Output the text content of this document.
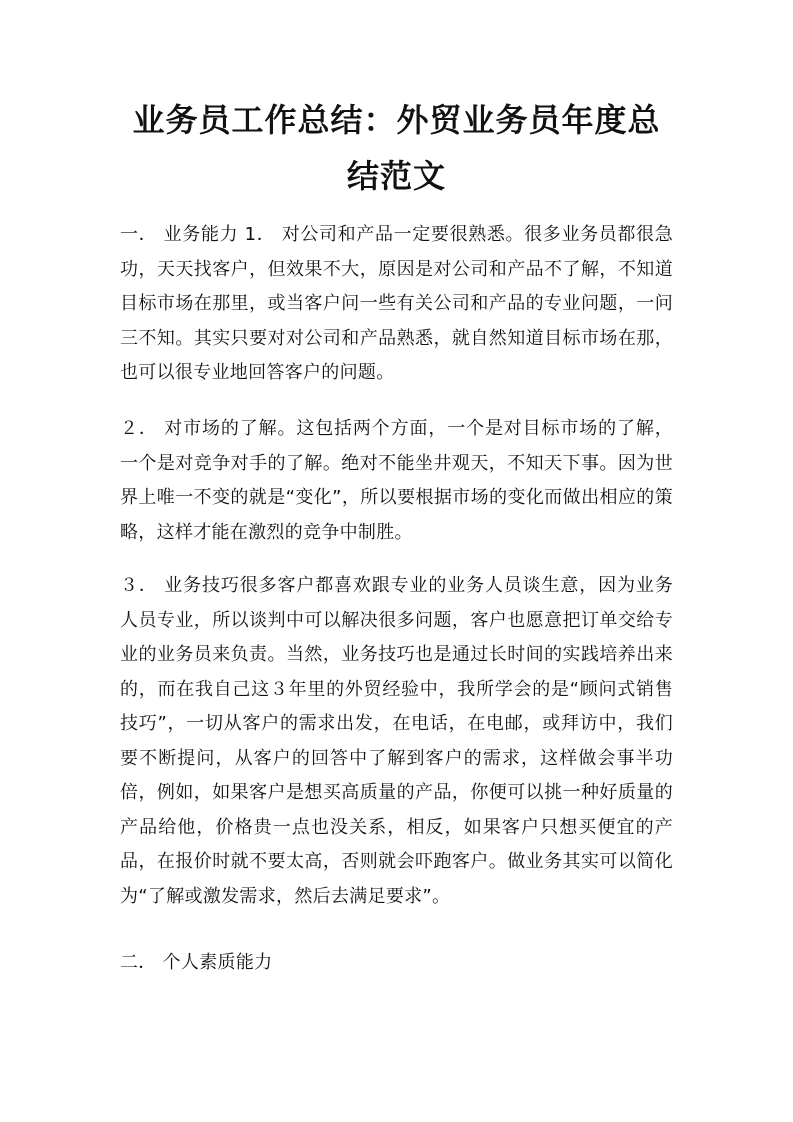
业务员工作总结：外贸业务员年度总结范文

一． 业务能力 1． 对公司和产品一定要很熟悉。很多业务员都很急功，天天找客户，但效果不大，原因是对公司和产品不了解，不知道目标市场在那里，或当客户问一些有关公司和产品的专业问题，一问三不知。其实只要对对公司和产品熟悉，就自然知道目标市场在那，也可以很专业地回答客户的问题。

２． 对市场的了解。这包括两个方面，一个是对目标市场的了解，一个是对竞争对手的了解。绝对不能坐井观天，不知天下事。因为世界上唯一不变的就是“变化”，所以要根据市场的变化而做出相应的策略，这样才能在激烈的竞争中制胜。

３． 业务技巧很多客户都喜欢跟专业的业务人员谈生意，因为业务人员专业，所以谈判中可以解决很多问题，客户也愿意把订单交给专业的业务员来负责。当然，业务技巧也是通过长时间的实践培养出来的，而在我自己这３年里的外贸经验中，我所学会的是“顾问式销售技巧”，一切从客户的需求出发，在电话，在电邮，或拜访中，我们要不断提问，从客户的回答中了解到客户的需求，这样做会事半功倍，例如，如果客户是想买高质量的产品，你便可以挑一种好质量的产品给他，价格贵一点也没关系，相反，如果客户只想买便宜的产品，在报价时就不要太高，否则就会吓跑客户。做业务其实可以简化为“了解或激发需求，然后去满足要求”。

二． 个人素质能力
